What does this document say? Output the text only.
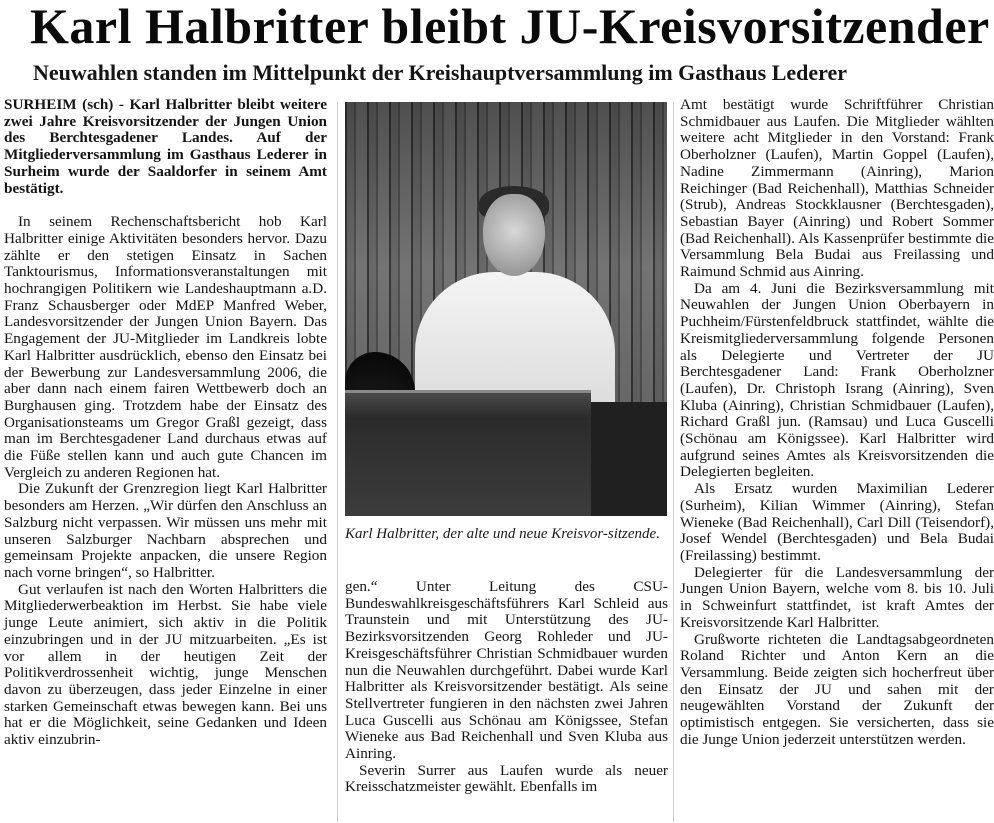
Karl Halbritter bleibt JU-Kreisvorsitzender
Neuwahlen standen im Mittelpunkt der Kreishauptversammlung im Gasthaus Lederer

SURHEIM (sch) - Karl Halbritter bleibt weitere zwei Jahre Kreisvorsitzender der Jungen Union des Berchtesgadener Landes. Auf der Mitgliederversammlung im Gasthaus Lederer in Surheim wurde der Saaldorfer in seinem Amt bestätigt.

In seinem Rechenschaftsbericht hob Karl Halbritter einige Aktivitäten besonders hervor. Dazu zählte er den stetigen Einsatz in Sachen Tanktourismus, Informationsveranstaltungen mit hochrangigen Politikern wie Landeshauptmann a.D. Franz Schausberger oder MdEP Manfred Weber, Landesvorsitzender der Jungen Union Bayern. Das Engagement der JU-Mitglieder im Landkreis lobte Karl Halbritter ausdrücklich, ebenso den Einsatz bei der Bewerbung zur Landesversammlung 2006, die aber dann nach einem fairen Wettbewerb doch an Burghausen ging. Trotzdem habe der Einsatz des Organisationsteams um Gregor Graßl gezeigt, dass man im Berchtesgadener Land durchaus etwas auf die Füße stellen kann und auch gute Chancen im Vergleich zu anderen Regionen hat.

Die Zukunft der Grenzregion liegt Karl Halbritter besonders am Herzen. „Wir dürfen den Anschluss an Salzburg nicht verpassen. Wir müssen uns mehr mit unseren Salzburger Nachbarn absprechen und gemeinsam Projekte anpacken, die unsere Region nach vorne bringen“, so Halbritter.

Gut verlaufen ist nach den Worten Halbritters die Mitgliederwerbeaktion im Herbst. Sie habe viele junge Leute animiert, sich aktiv in die Politik einzubringen und in der JU mitzuarbeiten. „Es ist vor allem in der heutigen Zeit der Politikverdrossenheit wichtig, junge Menschen davon zu überzeugen, dass jeder Einzelne in einer starken Gemeinschaft etwas bewegen kann. Bei uns hat er die Möglichkeit, seine Gedanken und Ideen aktiv einzubrin-

Karl Halbritter, der alte und neue Kreisvor-sitzende.

gen.“ Unter Leitung des CSU-Bundeswahlkreisgeschäftsführers Karl Schleid aus Traunstein und mit Unterstützung des JU-Bezirksvorsitzenden Georg Rohleder und JU-Kreisgeschäftsführer Christian Schmidbauer wurden nun die Neuwahlen durchgeführt. Dabei wurde Karl Halbritter als Kreisvorsitzender bestätigt. Als seine Stellvertreter fungieren in den nächsten zwei Jahren Luca Guscelli aus Schönau am Königssee, Stefan Wieneke aus Bad Reichenhall und Sven Kluba aus Ainring.

Severin Surrer aus Laufen wurde als neuer Kreisschatzmeister gewählt. Ebenfalls im

Amt bestätigt wurde Schriftführer Christian Schmidbauer aus Laufen. Die Mitglieder wählten weitere acht Mitglieder in den Vorstand: Frank Oberholzner (Laufen), Martin Goppel (Laufen), Nadine Zimmermann (Ainring), Marion Reichinger (Bad Reichenhall), Matthias Schneider (Strub), Andreas Stockklausner (Berchtesgaden), Sebastian Bayer (Ainring) und Robert Sommer (Bad Reichenhall). Als Kassenprüfer bestimmte die Versammlung Bela Budai aus Freilassing und Raimund Schmid aus Ainring.

Da am 4. Juni die Bezirksversammlung mit Neuwahlen der Jungen Union Oberbayern in Puchheim/Fürstenfeldbruck stattfindet, wählte die Kreismitgliederversammlung folgende Personen als Delegierte und Vertreter der JU Berchtesgadener Land: Frank Oberholzner (Laufen), Dr. Christoph Israng (Ainring), Sven Kluba (Ainring), Christian Schmidbauer (Laufen), Richard Graßl jun. (Ramsau) und Luca Guscelli (Schönau am Königssee). Karl Halbritter wird aufgrund seines Amtes als Kreisvorsitzenden die Delegierten begleiten.

Als Ersatz wurden Maximilian Lederer (Surheim), Kilian Wimmer (Ainring), Stefan Wieneke (Bad Reichenhall), Carl Dill (Teisendorf), Josef Wendel (Berchtesgaden) und Bela Budai (Freilassing) bestimmt.

Delegierter für die Landesversammlung der Jungen Union Bayern, welche vom 8. bis 10. Juli in Schweinfurt stattfindet, ist kraft Amtes der Kreisvorsitzende Karl Halbritter.

Grußworte richteten die Landtagsabgeordneten Roland Richter und Anton Kern an die Versammlung. Beide zeigten sich hocherfreut über den Einsatz der JU und sahen mit der neugewählten Vorstand der Zukunft der optimistisch entgegen. Sie versicherten, dass sie die Junge Union jederzeit unterstützen werden.
